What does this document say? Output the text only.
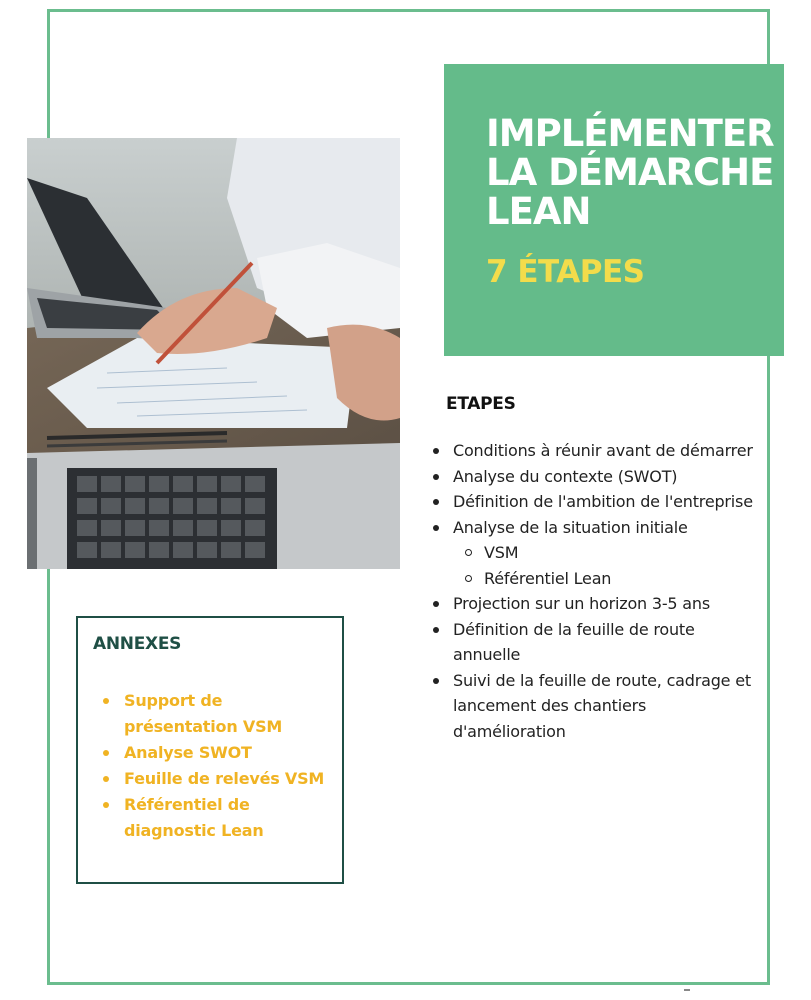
IMPLÉMENTER
LA DÉMARCHE
LEAN
7 ÉTAPES
ANNEXES
Support de présentation VSM
Analyse SWOT
Feuille de relevés VSM
Référentiel de diagnostic Lean
ETAPES
Conditions à réunir avant de démarrer
Analyse du contexte (SWOT)
Définition de l'ambition de l'entreprise
Analyse de la situation initiale
VSM
Référentiel Lean
Projection sur un horizon 3-5 ans
Définition de la feuille de route annuelle
Suivi de la feuille de route, cadrage et lancement des chantiers d'amélioration
